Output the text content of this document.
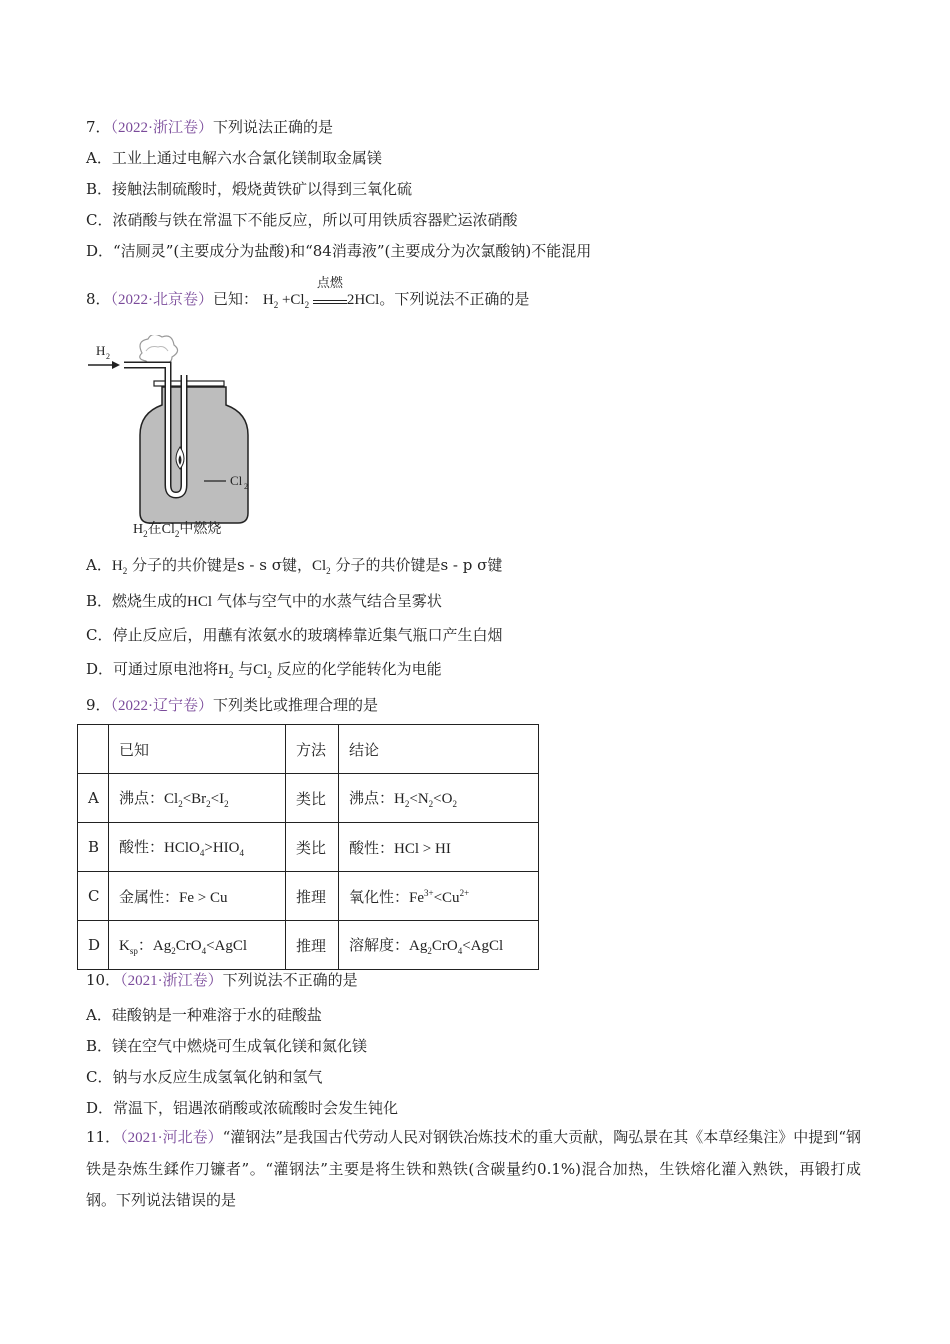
7．（2022·浙江卷）下列说法正确的是
A．工业上通过电解六水合氯化镁制取金属镁
B．接触法制硫酸时，煅烧黄铁矿以得到三氧化硫
C．浓硝酸与铁在常温下不能反应，所以可用铁质容器贮运浓硝酸
D．“洁厕灵”(主要成分为盐酸)和“84消毒液”(主要成分为次氯酸钠)不能混用
8．（2022·北京卷）已知： $H_2 +Cl_2$
点燃
2HCl。下列说法不正确的是
H 2
Cl 2
$H_2$在$Cl_2$中燃烧
A．$H_2$ 分子的共价键是s - s σ键，$Cl_2$ 分子的共价键是s - p σ键
B．燃烧生成的HCl 气体与空气中的水蒸气结合呈雾状
C．停止反应后，用蘸有浓氨水的玻璃棒靠近集气瓶口产生白烟
D．可通过原电池将$H_2$ 与$Cl_2$ 反应的化学能转化为电能
9．（2022·辽宁卷）下列类比或推理合理的是
	已知	方法	结论
A	沸点：$Cl_2<Br_2<I_2$	类比	沸点：$H_2<N_2<O_2$
B	酸性：$HClO_4>HIO_4$	类比	酸性：HCl > HI
C	金属性：Fe > Cu	推理	氧化性：$Fe^{3+}<Cu^{2+}$
D	$K_{sp}$：$Ag_2CrO_4<AgCl$	推理	溶解度：$Ag_2CrO_4<AgCl$
10．（2021·浙江卷）下列说法不正确的是
A．硅酸钠是一种难溶于水的硅酸盐
B．镁在空气中燃烧可生成氧化镁和氮化镁
C．钠与水反应生成氢氧化钠和氢气
D．常温下，铝遇浓硝酸或浓硫酸时会发生钝化
11．（2021·河北卷）“灌钢法”是我国古代劳动人民对钢铁冶炼技术的重大贡献，陶弘景在其《本草经集注》中提到“钢铁是杂炼生鍒作刀镰者”。“灌钢法”主要是将生铁和熟铁(含碳量约0.1%)混合加热，生铁熔化灌入熟铁，再锻打成钢。下列说法错误的是
